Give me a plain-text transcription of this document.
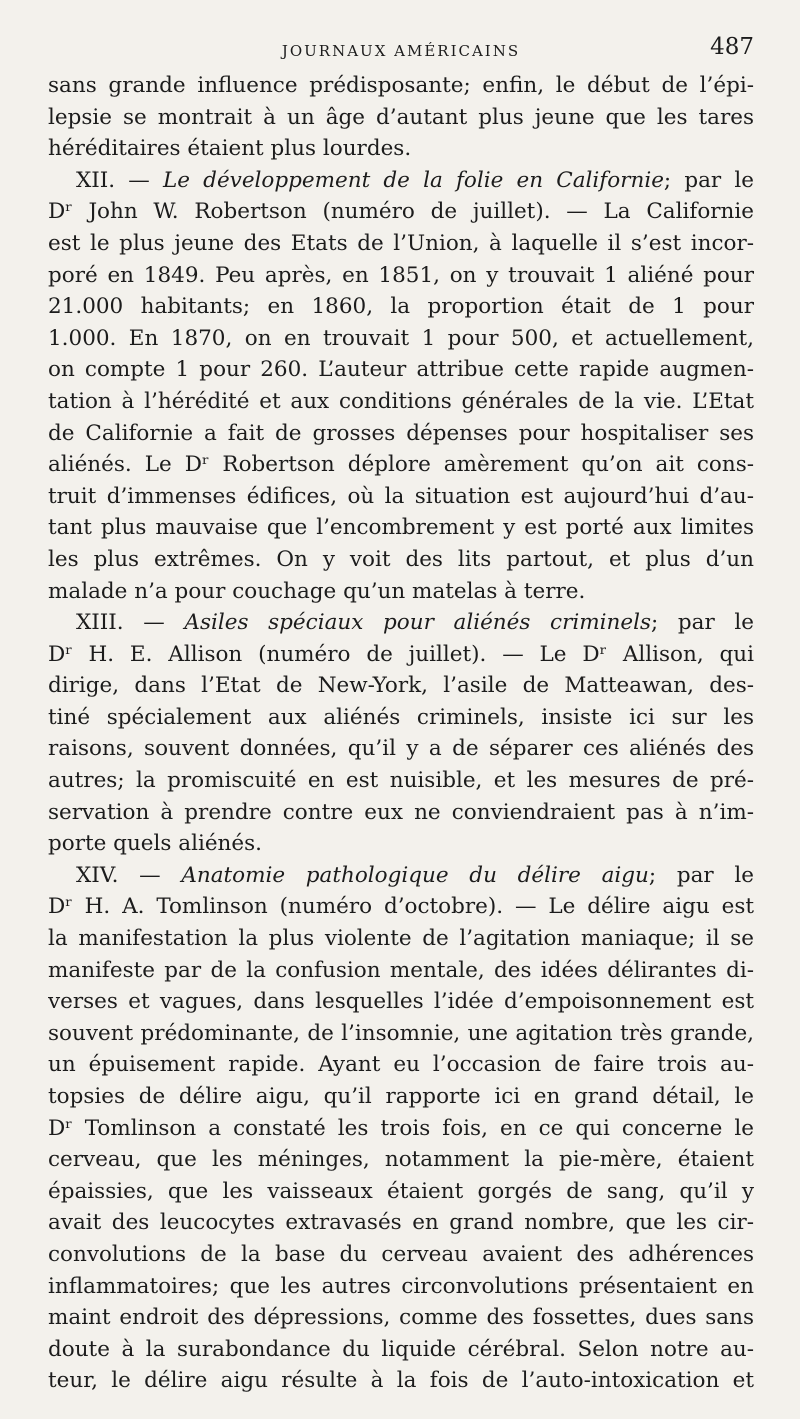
JOURNAUX AMÉRICAINS	487
sans grande influence prédisposante; enfin, le début de l’épi-
lepsie se montrait à un âge d’autant plus jeune que les tares
héréditaires étaient plus lourdes.
XII. — Le développement de la folie en Californie; par le
Dʳ John W. Robertson (numéro de juillet). — La Californie
est le plus jeune des Etats de l’Union, à laquelle il s’est incor-
poré en 1849. Peu après, en 1851, on y trouvait 1 aliéné pour
21.000 habitants; en 1860, la proportion était de 1 pour
1.000. En 1870, on en trouvait 1 pour 500, et actuellement,
on compte 1 pour 260. L’auteur attribue cette rapide augmen-
tation à l’hérédité et aux conditions générales de la vie. L’Etat
de Californie a fait de grosses dépenses pour hospitaliser ses
aliénés. Le Dʳ Robertson déplore amèrement qu’on ait cons-
truit d’immenses édifices, où la situation est aujourd’hui d’au-
tant plus mauvaise que l’encombrement y est porté aux limites
les plus extrêmes. On y voit des lits partout, et plus d’un
malade n’a pour couchage qu’un matelas à terre.
XIII. — Asiles spéciaux pour aliénés criminels; par le
Dʳ H. E. Allison (numéro de juillet). — Le Dʳ Allison, qui
dirige, dans l’Etat de New-York, l’asile de Matteawan, des-
tiné spécialement aux aliénés criminels, insiste ici sur les
raisons, souvent données, qu’il y a de séparer ces aliénés des
autres; la promiscuité en est nuisible, et les mesures de pré-
servation à prendre contre eux ne conviendraient pas à n’im-
porte quels aliénés.
XIV. — Anatomie pathologique du délire aigu; par le
Dʳ H. A. Tomlinson (numéro d’octobre). — Le délire aigu est
la manifestation la plus violente de l’agitation maniaque; il se
manifeste par de la confusion mentale, des idées délirantes di-
verses et vagues, dans lesquelles l’idée d’empoisonnement est
souvent prédominante, de l’insomnie, une agitation très grande,
un épuisement rapide. Ayant eu l’occasion de faire trois au-
topsies de délire aigu, qu’il rapporte ici en grand détail, le
Dʳ Tomlinson a constaté les trois fois, en ce qui concerne le
cerveau, que les méninges, notamment la pie-mère, étaient
épaissies, que les vaisseaux étaient gorgés de sang, qu’il y
avait des leucocytes extravasés en grand nombre, que les cir-
convolutions de la base du cerveau avaient des adhérences
inflammatoires; que les autres circonvolutions présentaient en
maint endroit des dépressions, comme des fossettes, dues sans
doute à la surabondance du liquide cérébral. Selon notre au-
teur, le délire aigu résulte à la fois de l’auto-intoxication et
